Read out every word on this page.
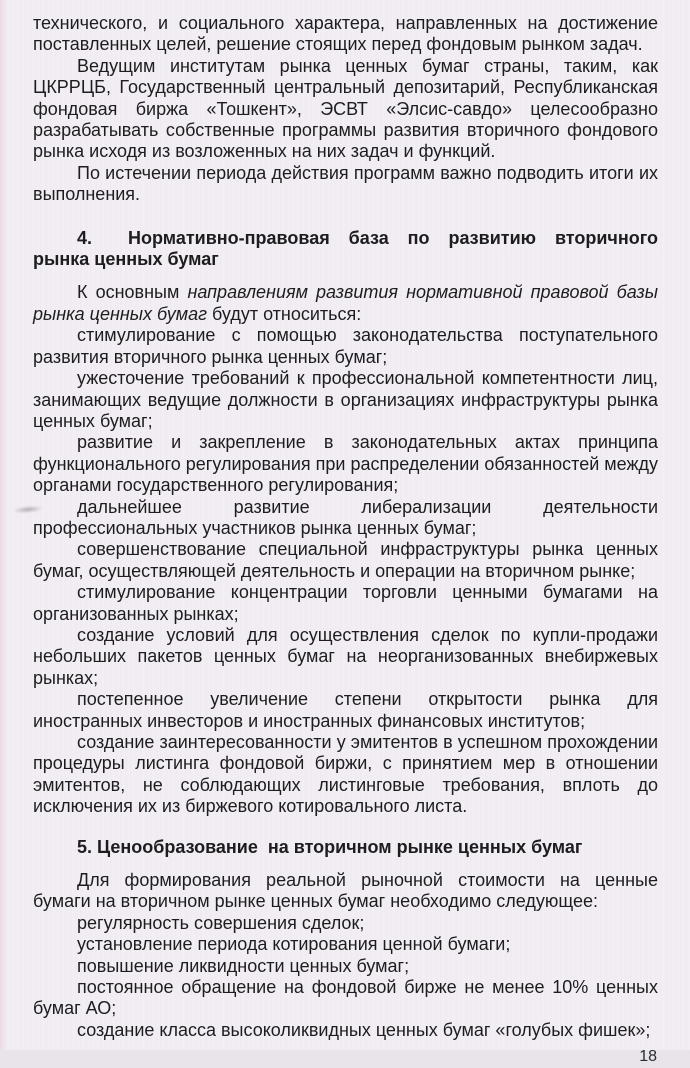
технического, и социального характера, направленных на достижение поставленных целей, решение стоящих перед фондовым рынком задач.

Ведущим институтам рынка ценных бумаг страны, таким, как ЦКРРЦБ, Государственный центральный депозитарий, Республиканская фондовая биржа «Тошкент», ЭСВТ «Элсис-савдо» целесообразно разрабатывать собственные программы развития вторичного фондового рынка исходя из возложенных на них задач и функций.

По истечении периода действия программ важно подводить итоги их выполнения.

4. Нормативно-правовая база по развитию вторичного рынка ценных бумаг

К основным направлениям развития нормативной правовой базы рынка ценных бумаг будут относиться:

стимулирование с помощью законодательства поступательного развития вторичного рынка ценных бумаг;

ужесточение требований к профессиональной компетентности лиц, занимающих ведущие должности в организациях инфраструктуры рынка ценных бумаг;

развитие и закрепление в законодательных актах принципа функционального регулирования при распределении обязанностей между органами государственного регулирования;

дальнейшее развитие либерализации деятельности профессиональных участников рынка ценных бумаг;

совершенствование специальной инфраструктуры рынка ценных бумаг, осуществляющей деятельность и операции на вторичном рынке;

стимулирование концентрации торговли ценными бумагами на организованных рынках;

создание условий для осуществления сделок по купли-продажи небольших пакетов ценных бумаг на неорганизованных внебиржевых рынках;

постепенное увеличение степени открытости рынка для иностранных инвесторов и иностранных финансовых институтов;

создание заинтересованности у эмитентов в успешном прохождении процедуры листинга фондовой биржи, с принятием мер в отношении эмитентов, не соблюдающих листинговые требования, вплоть до исключения их из биржевого котировального листа.

5. Ценообразование  на вторичном рынке ценных бумаг

Для формирования реальной рыночной стоимости на ценные бумаги на вторичном рынке ценных бумаг необходимо следующее:

регулярность совершения сделок;

установление периода котирования ценной бумаги;

повышение ликвидности ценных бумаг;

постоянное обращение на фондовой бирже не менее 10% ценных бумаг АО;

создание класса высоколиквидных ценных бумаг «голубых фишек»;

18
